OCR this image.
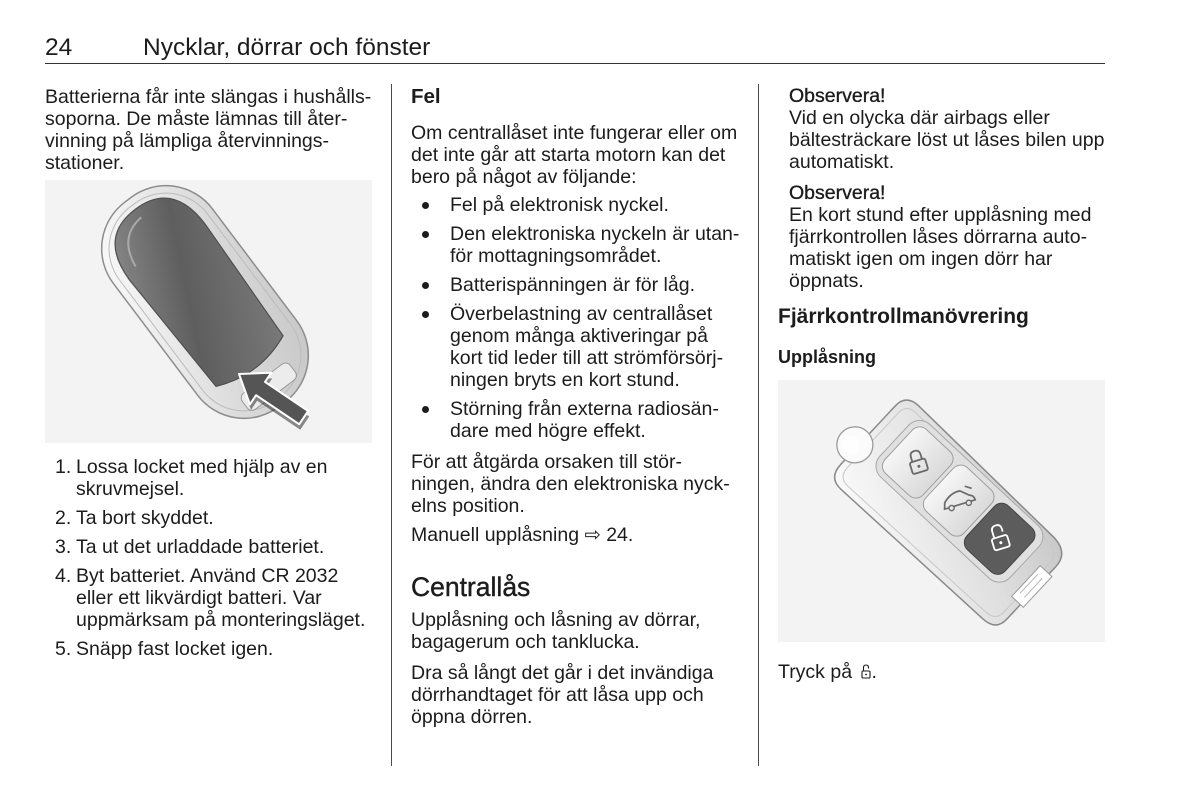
24	Nycklar, dörrar och fönster
Batterierna får inte slängas i hushålls-
soporna. De måste lämnas till åter-
vinning på lämpliga återvinnings-
stationer.
1. Lossa locket med hjälp av en
skruvmejsel.
2. Ta bort skyddet.
3. Ta ut det urladdade batteriet.
4. Byt batteriet. Använd CR 2032
eller ett likvärdigt batteri. Var
uppmärksam på monteringsläget.
5. Snäpp fast locket igen.
Fel
Om centrallåset inte fungerar eller om
det inte går att starta motorn kan det
bero på något av följande:
Fel på elektronisk nyckel.
Den elektroniska nyckeln är utan-
för mottagningsområdet.
Batterispänningen är för låg.
Överbelastning av centrallåset
genom många aktiveringar på
kort tid leder till att strömförsörj-
ningen bryts en kort stund.
Störning från externa radiosän-
dare med högre effekt.
För att åtgärda orsaken till stör-
ningen, ändra den elektroniska nyck-
elns position.
Manuell upplåsning ⇨ 24.
Centrallås
Upplåsning och låsning av dörrar,
bagagerum och tanklucka.
Dra så långt det går i det invändiga
dörrhandtaget för att låsa upp och
öppna dörren.
Observera!
Vid en olycka där airbags eller
bältesträckare löst ut låses bilen upp
automatiskt.
Observera!
En kort stund efter upplåsning med
fjärrkontrollen låses dörrarna auto-
matiskt igen om ingen dörr har
öppnats.
Fjärrkontrollmanövrering
Upplåsning
Tryck på .
